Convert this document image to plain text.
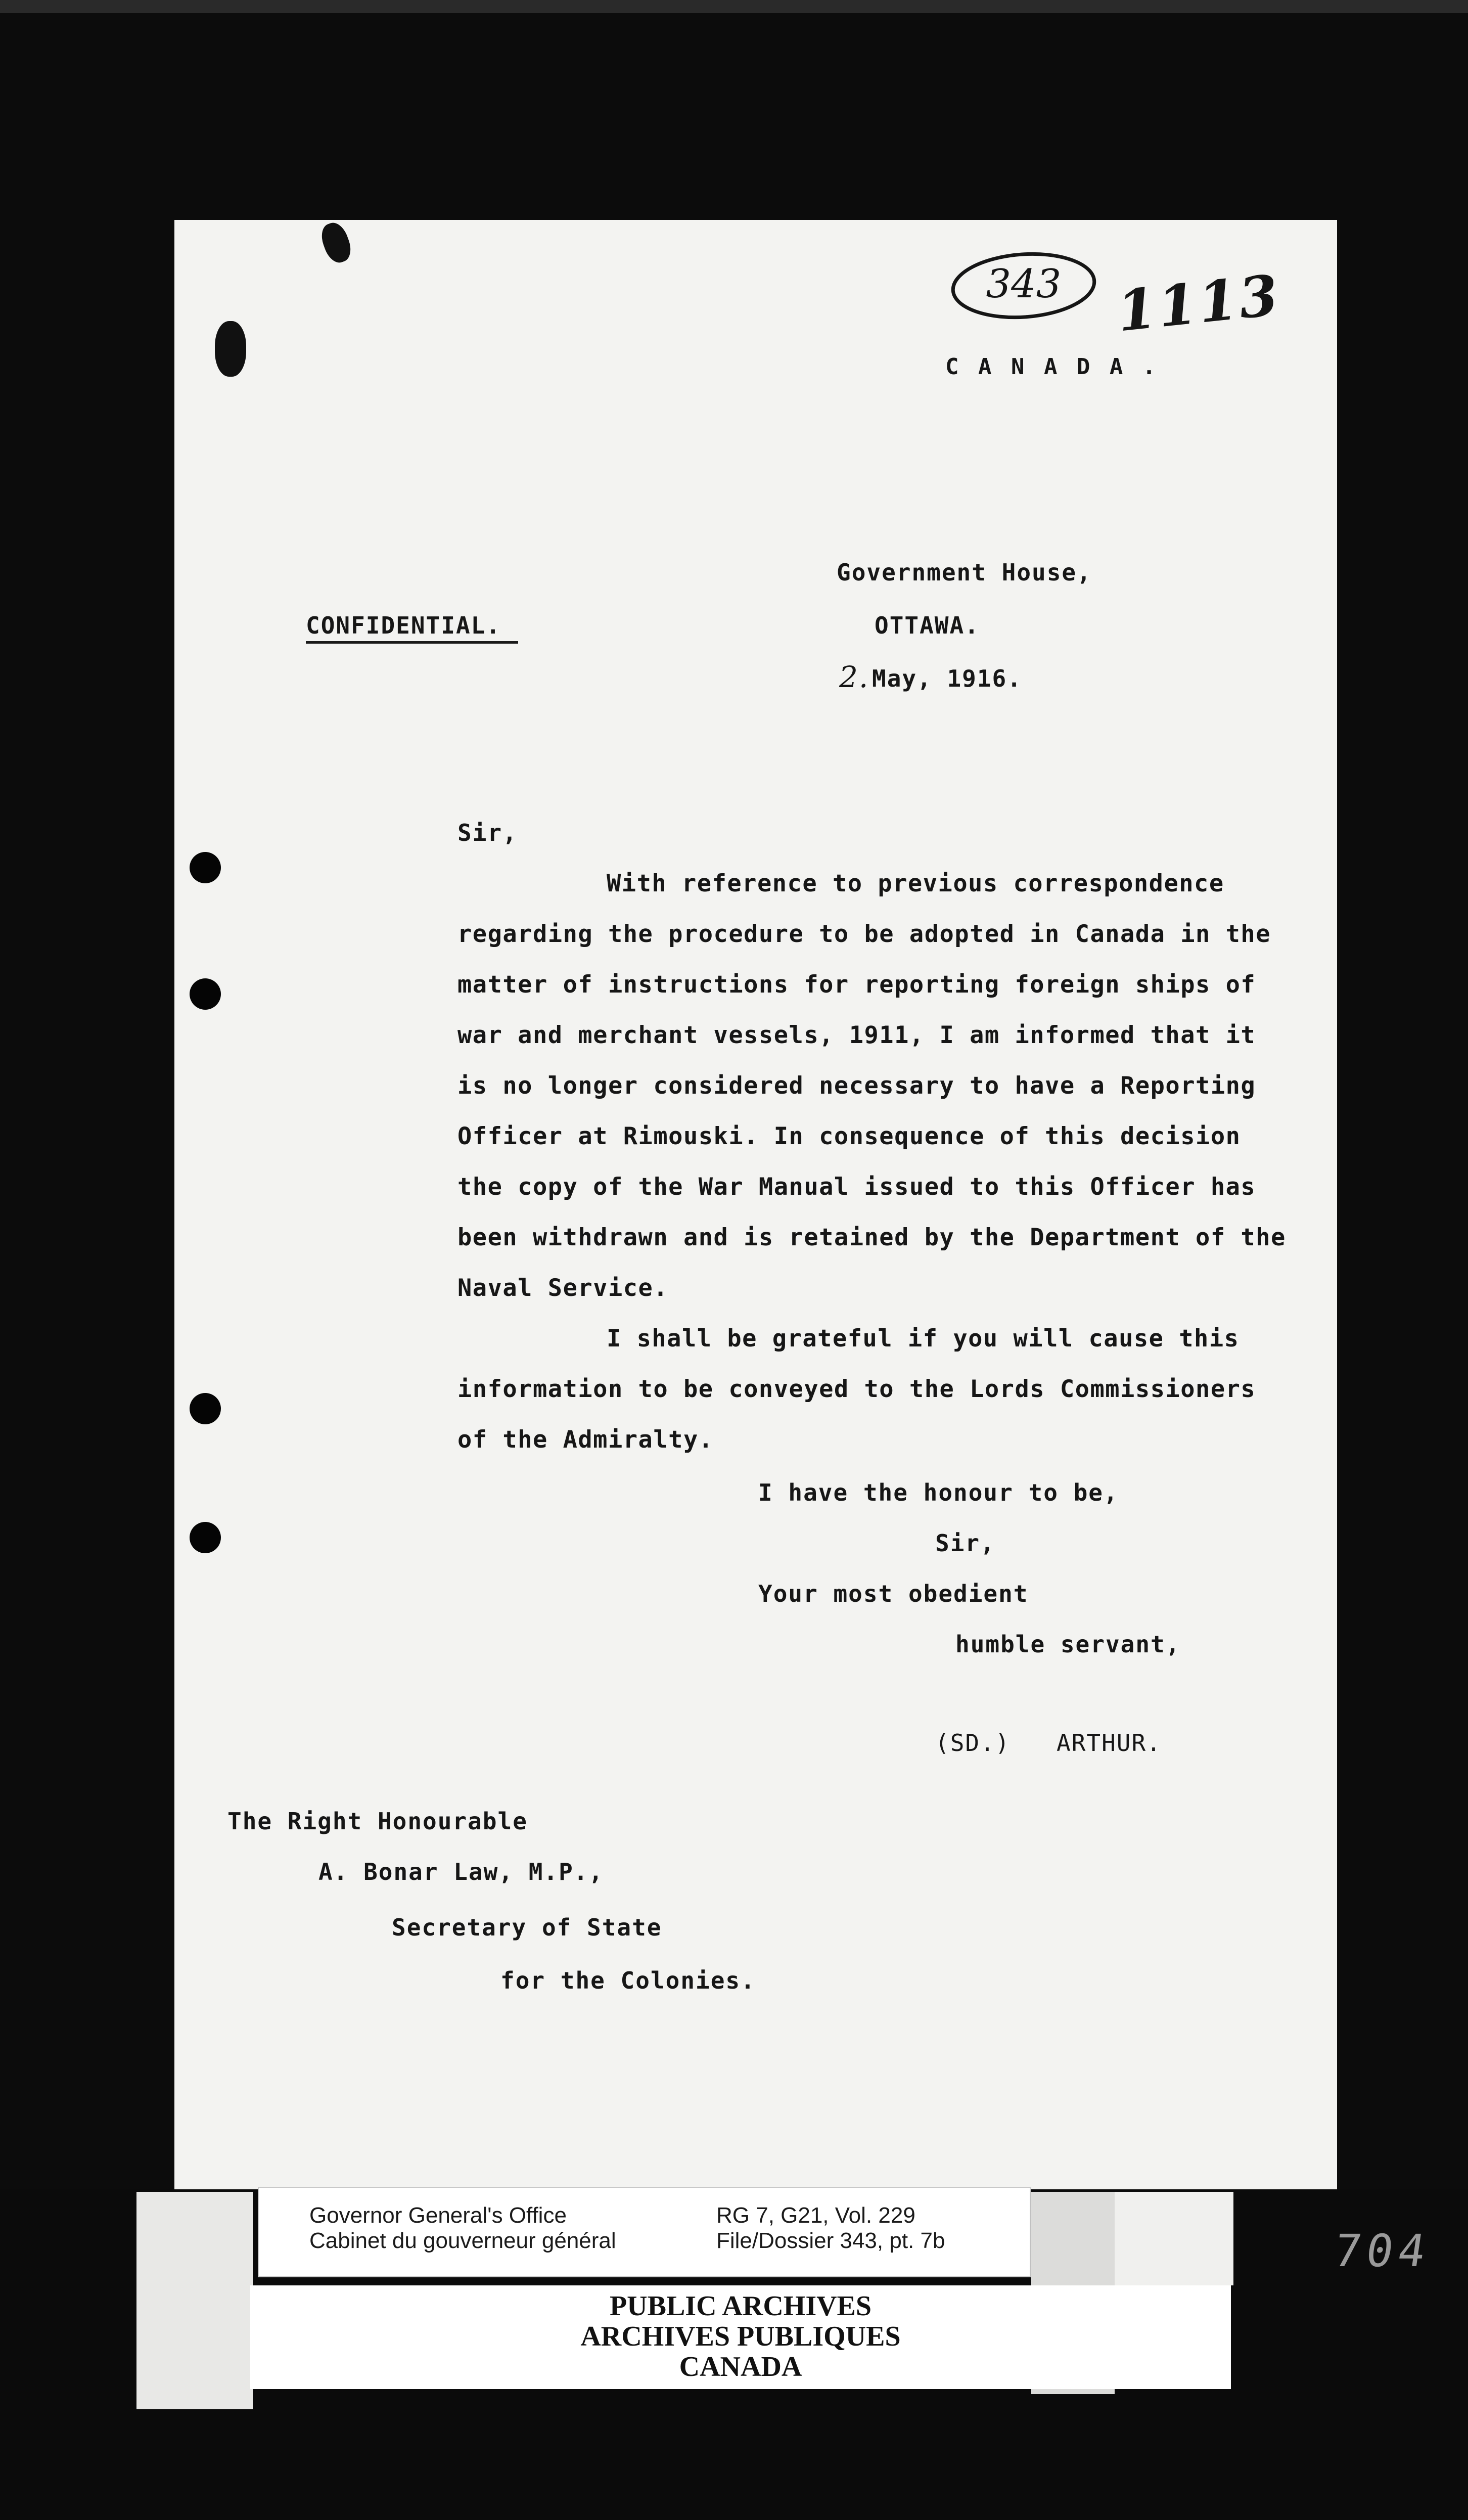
343 1113
C A N A D A .
Government House,
CONFIDENTIAL.	OTTAWA.
2. May, 1916.
Sir,
With reference to previous correspondence
regarding the procedure to be adopted in Canada in the
matter of instructions for reporting foreign ships of
war and merchant vessels, 1911, I am informed that it
is no longer considered necessary to have a Reporting
Officer at Rimouski. In consequence of this decision
the copy of the War Manual issued to this Officer has
been withdrawn and is retained by the Department of the
Naval Service.
I shall be grateful if you will cause this
information to be conveyed to the Lords Commissioners
of the Admiralty.
I have the honour to be,
Sir,
Your most obedient
humble servant,
(SD.) ARTHUR.
The Right Honourable
A. Bonar Law, M.P.,
Secretary of State
for the Colonies.
Governor General's Office
Cabinet du gouverneur général
RG 7, G21, Vol. 229
File/Dossier 343, pt. 7b
PUBLIC ARCHIVES
ARCHIVES PUBLIQUES
CANADA
704
